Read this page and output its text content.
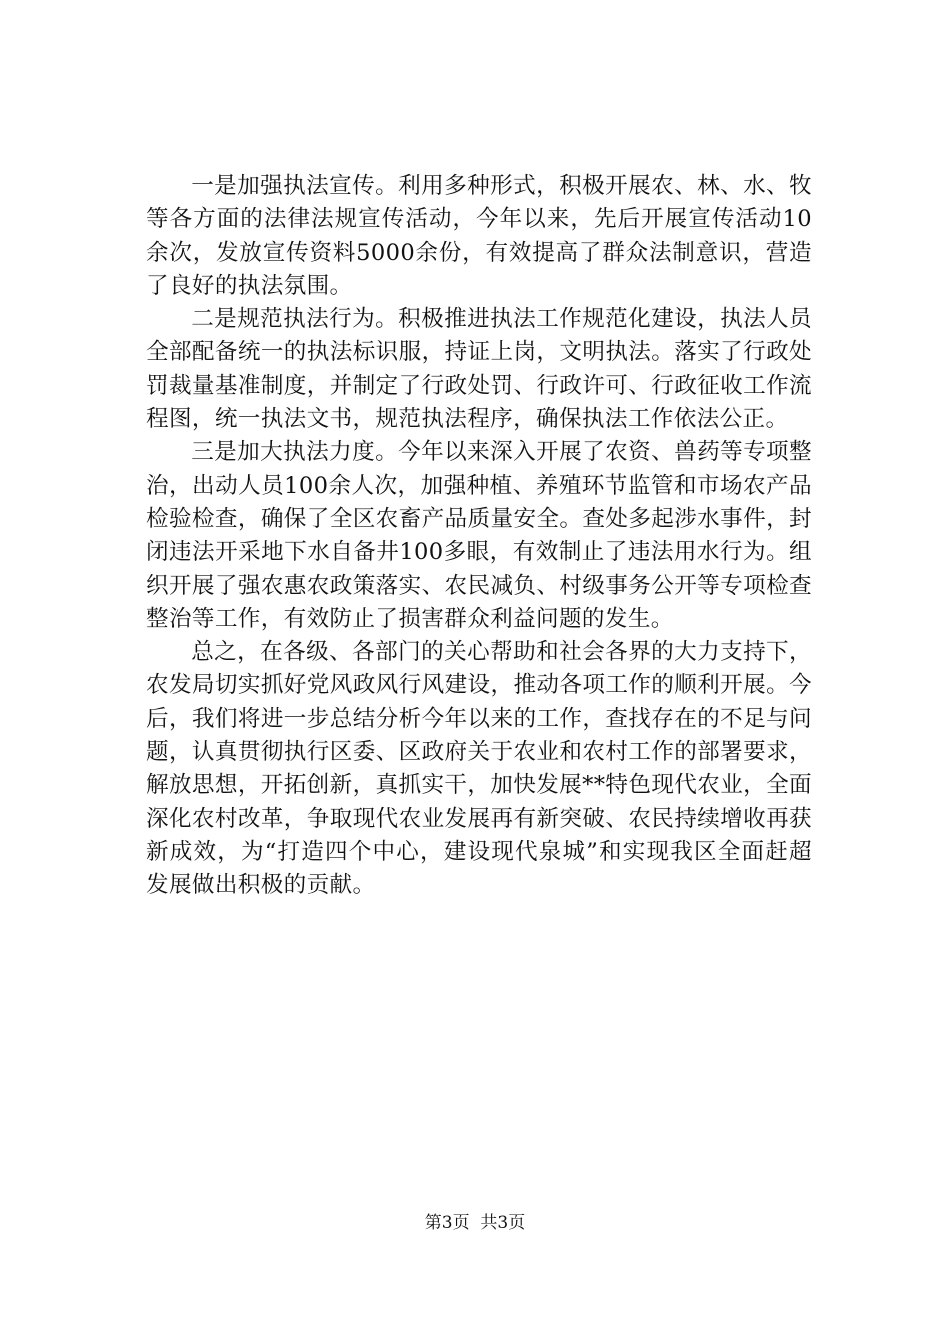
一是加强执法宣传。利用多种形式，积极开展农、林、水、牧等各方面的法律法规宣传活动，今年以来，先后开展宣传活动10余次，发放宣传资料5000余份，有效提高了群众法制意识，营造了良好的执法氛围。

二是规范执法行为。积极推进执法工作规范化建设，执法人员全部配备统一的执法标识服，持证上岗，文明执法。落实了行政处罚裁量基准制度，并制定了行政处罚、行政许可、行政征收工作流程图，统一执法文书，规范执法程序，确保执法工作依法公正。

三是加大执法力度。今年以来深入开展了农资、兽药等专项整治，出动人员100余人次，加强种植、养殖环节监管和市场农产品检验检查，确保了全区农畜产品质量安全。查处多起涉水事件，封闭违法开采地下水自备井100多眼，有效制止了违法用水行为。组织开展了强农惠农政策落实、农民减负、村级事务公开等专项检查整治等工作，有效防止了损害群众利益问题的发生。

总之，在各级、各部门的关心帮助和社会各界的大力支持下，农发局切实抓好党风政风行风建设，推动各项工作的顺利开展。今后，我们将进一步总结分析今年以来的工作，查找存在的不足与问题，认真贯彻执行区委、区政府关于农业和农村工作的部署要求，解放思想，开拓创新，真抓实干，加快发展**特色现代农业，全面深化农村改革，争取现代农业发展再有新突破、农民持续增收再获新成效，为“打造四个中心，建设现代泉城”和实现我区全面赶超发展做出积极的贡献。

第3页  共3页
